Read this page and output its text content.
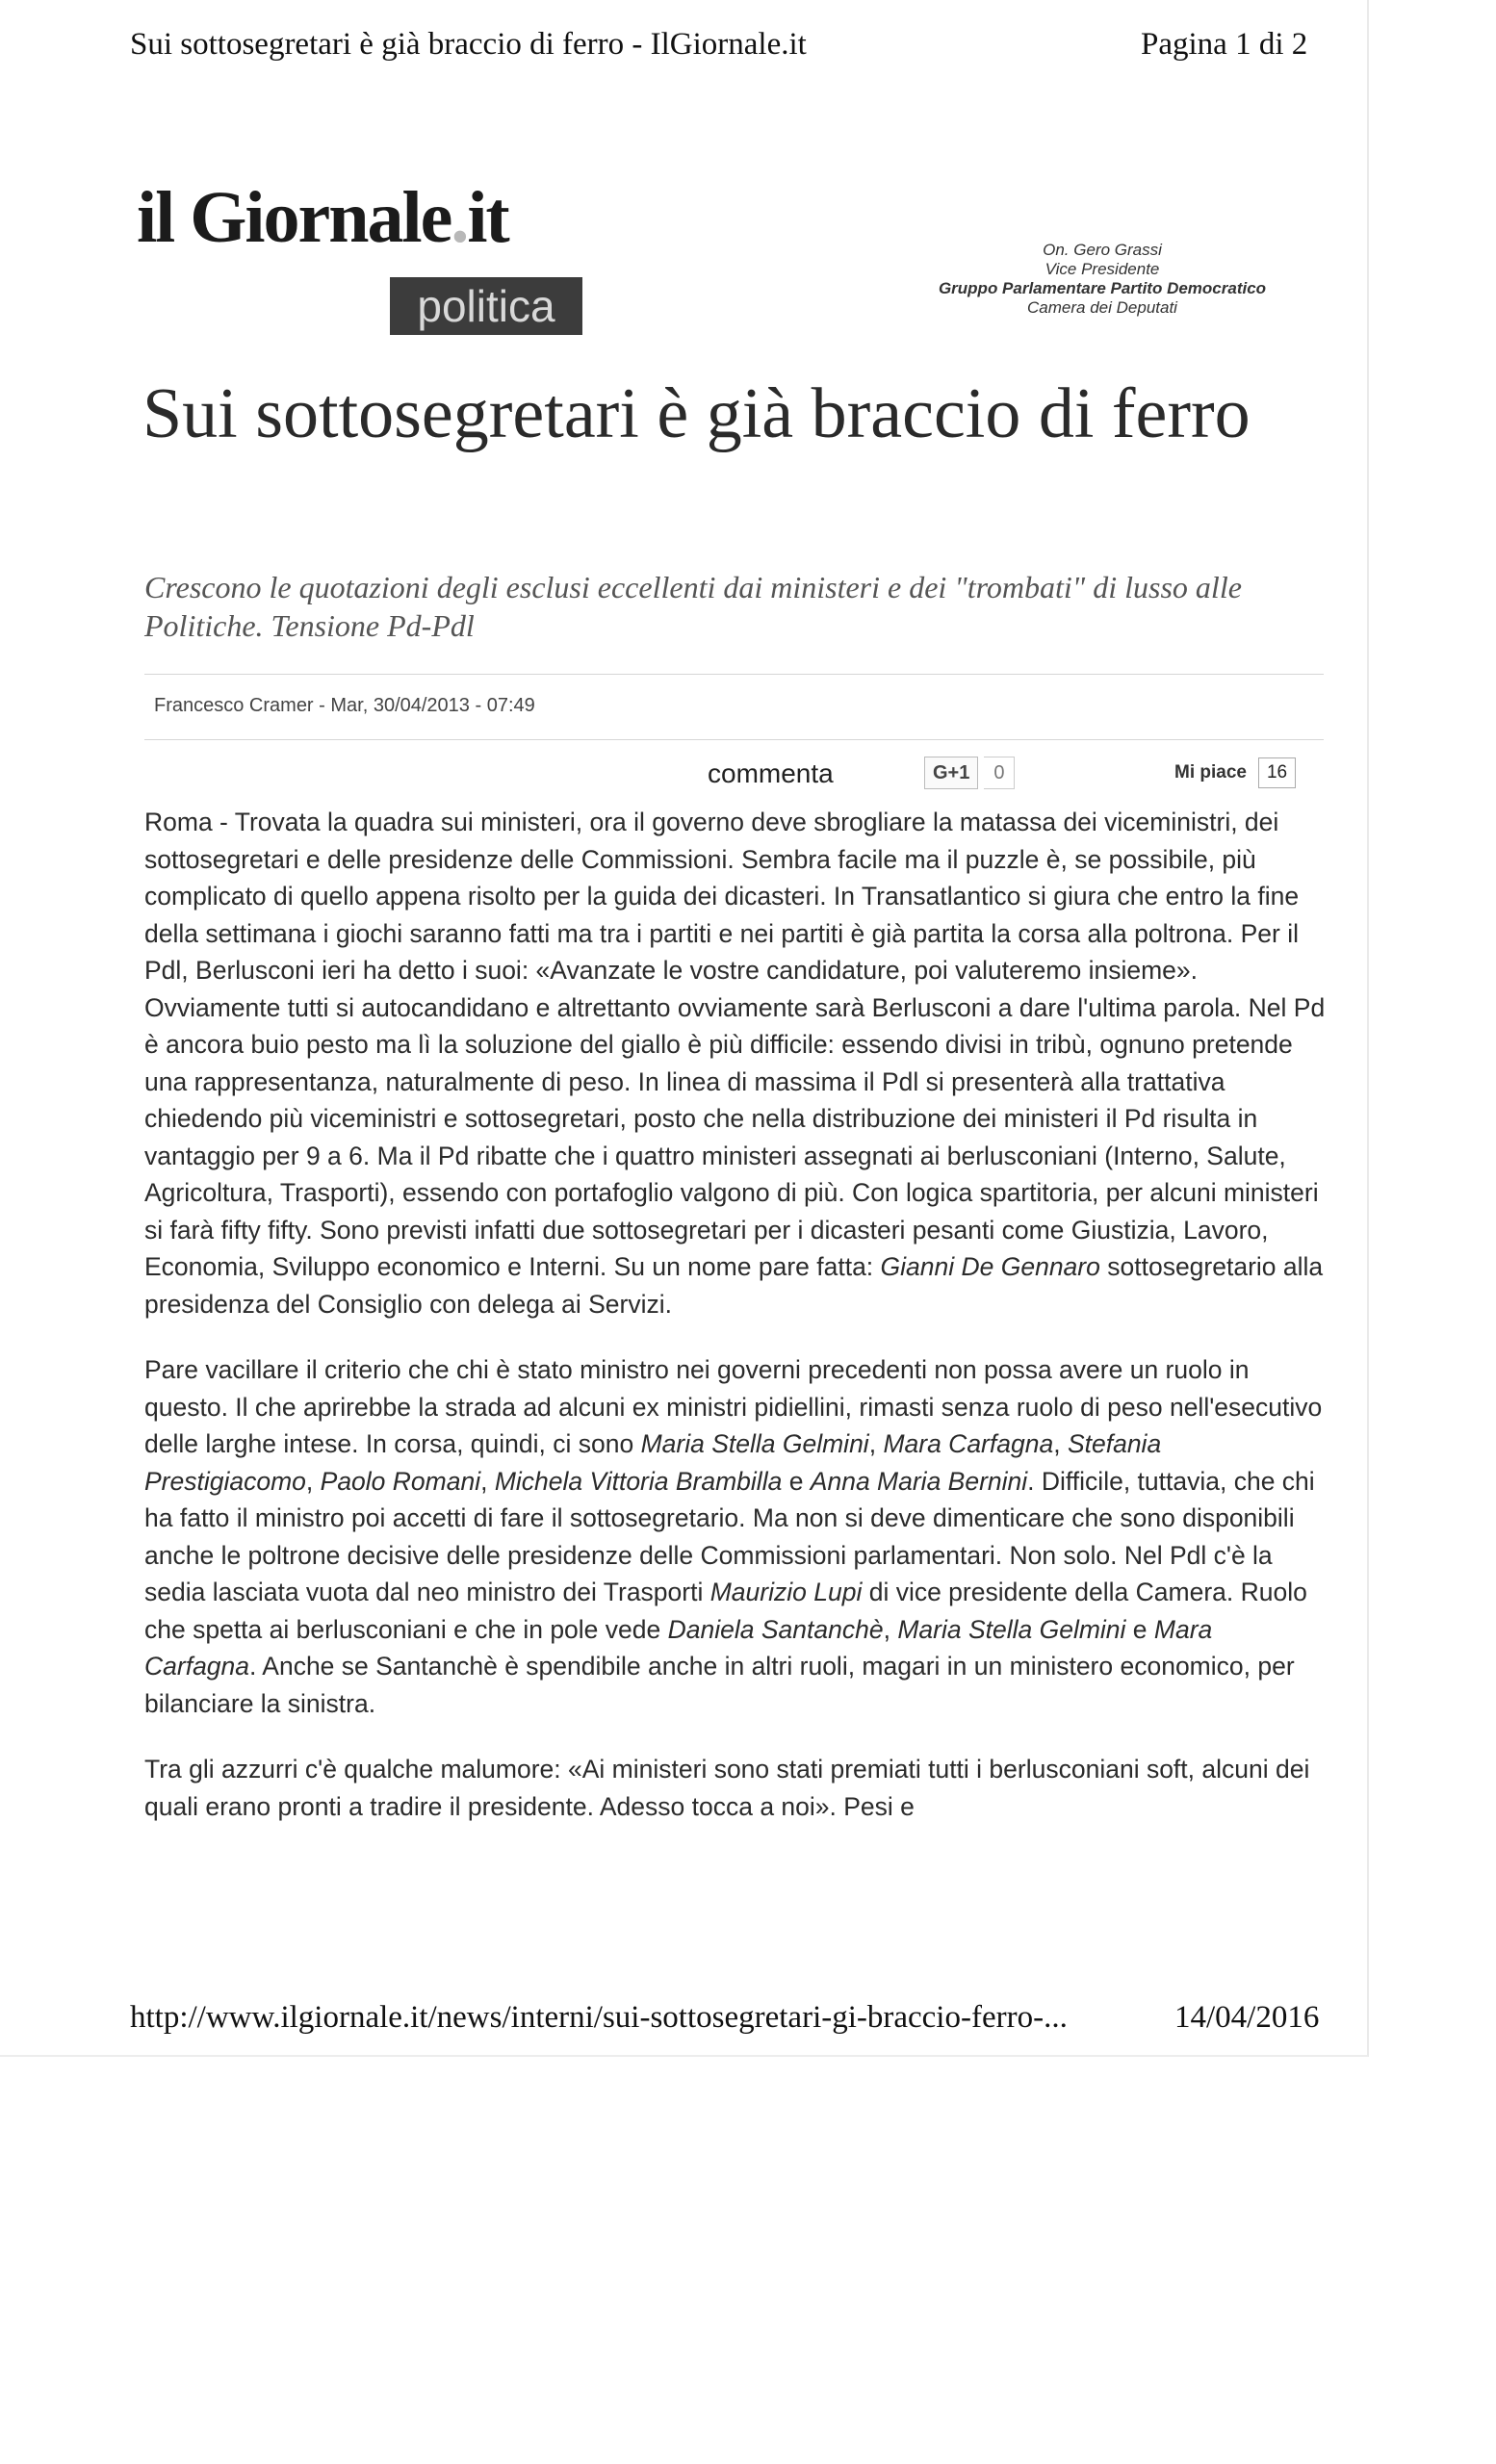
Sui sottosegretari è già braccio di ferro - IlGiornale.it	Pagina 1 di 2
il Giornale.it
politica
On. Gero Grassi
Vice Presidente
Gruppo Parlamentare Partito Democratico
Camera dei Deputati
Sui sottosegretari è già braccio di ferro

Crescono le quotazioni degli esclusi eccellenti dai ministeri e dei "trombati" di lusso alle Politiche. Tensione Pd-Pdl

Francesco Cramer - Mar, 30/04/2013 - 07:49
commenta	G+1	0	Mi piace	16

Roma - Trovata la quadra sui ministeri, ora il governo deve sbrogliare la matassa dei viceministri, dei sottosegretari e delle presidenze delle Commissioni. Sembra facile ma il puzzle è, se possibile, più complicato di quello appena risolto per la guida dei dicasteri. In Transatlantico si giura che entro la fine della settimana i giochi saranno fatti ma tra i partiti e nei partiti è già partita la corsa alla poltrona. Per il Pdl, Berlusconi ieri ha detto i suoi: «Avanzate le vostre candidature, poi valuteremo insieme». Ovviamente tutti si autocandidano e altrettanto ovviamente sarà Berlusconi a dare l'ultima parola. Nel Pd è ancora buio pesto ma lì la soluzione del giallo è più difficile: essendo divisi in tribù, ognuno pretende una rappresentanza, naturalmente di peso. In linea di massima il Pdl si presenterà alla trattativa chiedendo più viceministri e sottosegretari, posto che nella distribuzione dei ministeri il Pd risulta in vantaggio per 9 a 6. Ma il Pd ribatte che i quattro ministeri assegnati ai berlusconiani (Interno, Salute, Agricoltura, Trasporti), essendo con portafoglio valgono di più. Con logica spartitoria, per alcuni ministeri si farà fifty fifty. Sono previsti infatti due sottosegretari per i dicasteri pesanti come Giustizia, Lavoro, Economia, Sviluppo economico e Interni. Su un nome pare fatta: Gianni De Gennaro sottosegretario alla presidenza del Consiglio con delega ai Servizi.

Pare vacillare il criterio che chi è stato ministro nei governi precedenti non possa avere un ruolo in questo. Il che aprirebbe la strada ad alcuni ex ministri pidiellini, rimasti senza ruolo di peso nell'esecutivo delle larghe intese. In corsa, quindi, ci sono Maria Stella Gelmini, Mara Carfagna, Stefania Prestigiacomo, Paolo Romani, Michela Vittoria Brambilla e Anna Maria Bernini. Difficile, tuttavia, che chi ha fatto il ministro poi accetti di fare il sottosegretario. Ma non si deve dimenticare che sono disponibili anche le poltrone decisive delle presidenze delle Commissioni parlamentari. Non solo. Nel Pdl c'è la sedia lasciata vuota dal neo ministro dei Trasporti Maurizio Lupi di vice presidente della Camera. Ruolo che spetta ai berlusconiani e che in pole vede Daniela Santanchè, Maria Stella Gelmini e Mara Carfagna. Anche se Santanchè è spendibile anche in altri ruoli, magari in un ministero economico, per bilanciare la sinistra.

Tra gli azzurri c'è qualche malumore: «Ai ministeri sono stati premiati tutti i berlusconiani soft, alcuni dei quali erano pronti a tradire il presidente. Adesso tocca a noi». Pesi e

http://www.ilgiornale.it/news/interni/sui-sottosegretari-gi-braccio-ferro-...	14/04/2016
